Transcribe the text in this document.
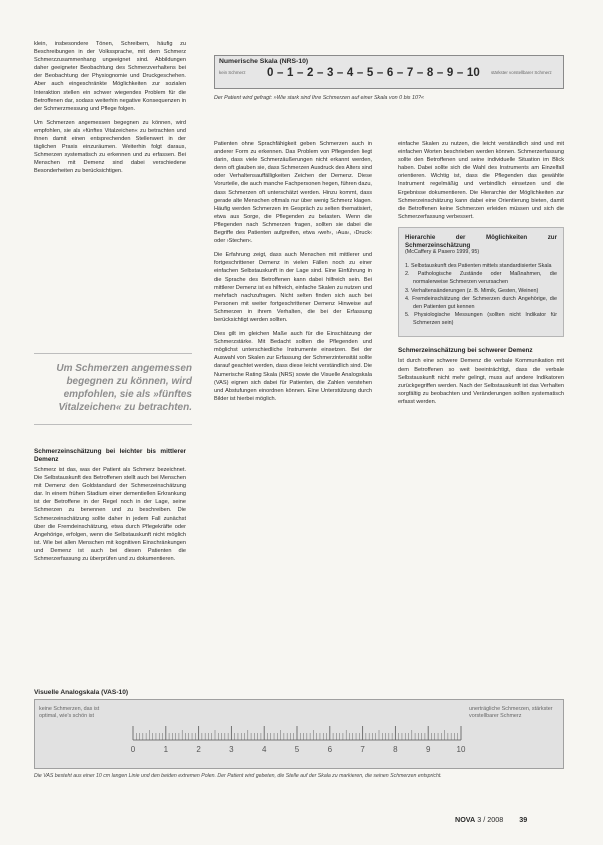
klein, insbesondere Tönen, Schreibern, häufig zu Beschreibungen in der Volkssprache, mit dem Schmerz Schmerzzusammenhang ungeeignet sind. Abbildungen daher geeigneter Beobachtung des Schmerzverhaltens bei der Beobachtung der Physiognomie und Druckgeschehen. Aber auch eingeschränkte Möglichkeiten zur sozialen Interaktion stellen ein schwer wiegendes Problem für die Betroffenen dar, sodass weiterhin negative Konsequenzen in der Schmerzmessung und Pflege folgen.

Um Schmerzen angemessen begegnen zu können, wird empfohlen, sie als »fünftes Vitalzeichen« zu betrachten und ihnen damit einen entsprechenden Stellenwert in der täglichen Praxis einzuräumen. Weiterhin folgt daraus, Schmerzen systematisch zu erkennen und zu erfassen. Bei Menschen mit Demenz sind dabei verschiedene Besonderheiten zu berücksichtigen.

Um Schmerzen angemessen begegnen zu können, wird empfohlen, sie als »fünftes
Vitalzeichen« zu betrachten.
Schmerzeinschätzung bei leichter bis mittlerer Demenz

Schmerz ist das, was der Patient als Schmerz bezeichnet. Die Selbstauskunft des Betroffenen stellt auch bei Menschen mit Demenz den Goldstandard der Schmerzeinschätzung dar. In einem frühen Stadium einer dementiellen Erkrankung ist der Betroffene in der Regel noch in der Lage, seine Schmerzen zu benennen und zu beschreiben. Die Schmerzeinschätzung sollte daher in jedem Fall zunächst über die Fremdeinschätzung, etwa durch Pflegekräfte oder Angehörige, erfolgen, wenn die Selbstauskunft nicht möglich ist. Wie bei allen Menschen mit kognitiven Einschränkungen und Demenz ist auch bei diesen Patienten die Schmerzerfassung zu überprüfen und zu dokumentieren.

Numerische Skala (NRS-10)
kein Schmerz 0 – 1 – 2 – 3 – 4 – 5 – 6 – 7 – 8 – 9 – 10 stärkster vorstellbarer Schmerz
Der Patient wird gefragt: »Wie stark sind Ihre Schmerzen auf einer Skala von 0 bis 10?«

Patienten ohne Sprachfähigkeit geben Schmerzen auch in anderer Form zu erkennen. Das Problem von Pflegenden liegt darin, dass viele Schmerzäußerungen nicht erkannt werden, denn oft glauben sie, dass Schmerzen Ausdruck des Alters sind oder Verhaltensauffälligkeiten Zeichen der Demenz. Diese Vorurteile, die auch manche Fachpersonen hegen, führen dazu, dass Schmerzen oft unterschätzt werden. Hinzu kommt, dass gerade alte Menschen oftmals nur über wenig Schmerz klagen. Häufig werden Schmerzen im Gespräch zu selten thematisiert, etwa aus Sorge, die Pflegenden zu belasten. Wenn die Pflegenden nach Schmerzen fragen, sollten sie dabei die Begriffe des Patienten aufgreifen, etwa ›weh‹, ›Aua‹, ›Druck‹ oder ›Stechen‹.

Die Erfahrung zeigt, dass auch Menschen mit mittlerer und fortgeschrittener Demenz in vielen Fällen noch zu einer einfachen Selbstauskunft in der Lage sind. Eine Einführung in die Sprache des Betroffenen kann dabei hilfreich sein. Bei mittlerer Demenz ist es hilfreich, einfache Skalen zu nutzen und mehrfach nachzufragen. Nicht selten finden sich auch bei Personen mit weiter fortgeschrittener Demenz Hinweise auf Schmerzen in ihrem Verhalten, die bei der Erfassung berücksichtigt werden sollten.

Dies gilt im gleichen Maße auch für die Einschätzung der Schmerzstärke. Mit Bedacht sollten die Pflegenden und möglichst unterschiedliche Instrumente einsetzen. Bei der Auswahl von Skalen zur Erfassung der Schmerzintensität sollte darauf geachtet werden, dass diese leicht verständlich sind. Die Numerische Rating Skala (NRS) sowie die Visuelle Analogskala (VAS) eignen sich dabei für Patienten, die Zahlen verstehen und Abstufungen einordnen können. Eine Unterstützung durch Bilder ist hierbei möglich.

einfache Skalen zu nutzen, die leicht verständlich sind und mit einfachen Worten beschrieben werden können. Schmerzerfassung sollte den Betroffenen und seine individuelle Situation im Blick haben. Dabei sollte sich die Wahl des Instruments am Einzelfall orientieren. Wichtig ist, dass die Pflegenden das gewählte Instrument regelmäßig und verbindlich einsetzen und die Ergebnisse dokumentieren. Die Hierarchie der Möglichkeiten zur Schmerzeinschätzung kann dabei eine Orientierung bieten, damit die Betroffenen keine Schmerzen erleiden müssen und sich die Schmerzerfassung verbessert.

Hierarchie der Möglichkeiten zur Schmerzeinschätzung
(McCaffery & Pasero 1999, 95)
1. Selbstauskunft des Patienten mittels standardisierter Skala
2. Pathologische Zustände oder Maßnahmen, die normalerweise Schmerzen verursachen
3. Verhaltensänderungen (z. B. Mimik, Gesten, Weinen)
4. Fremdeinschätzung der Schmerzen durch Angehörige, die den Patienten gut kennen
5. Physiologische Messungen (sollten nicht Indikator für Schmerzen sein)
Schmerzeinschätzung bei schwerer Demenz

Ist durch eine schwere Demenz die verbale Kommunikation mit dem Betroffenen so weit beeinträchtigt, dass die verbale Selbstauskunft nicht mehr gelingt, muss auf andere Indikatoren zurückgegriffen werden. Nach der Selbstauskunft ist das Verhalten sorgfältig zu beobachten und Veränderungen sollten systematisch erfasst werden.

Visuelle Analogskala (VAS-10)
0	1	2	3	4	5	6	7	8	9	10
keine Schmerzen, das ist optimal, wie's schön ist
unerträgliche Schmerzen, stärkster vorstellbarer Schmerz
Die VAS besteht aus einer 10 cm langen Linie und den beiden extremen Polen. Der Patient wird gebeten, die Stelle auf der Skala zu markieren, die seinen Schmerzen entspricht.
NOVA 3 / 2008 39
